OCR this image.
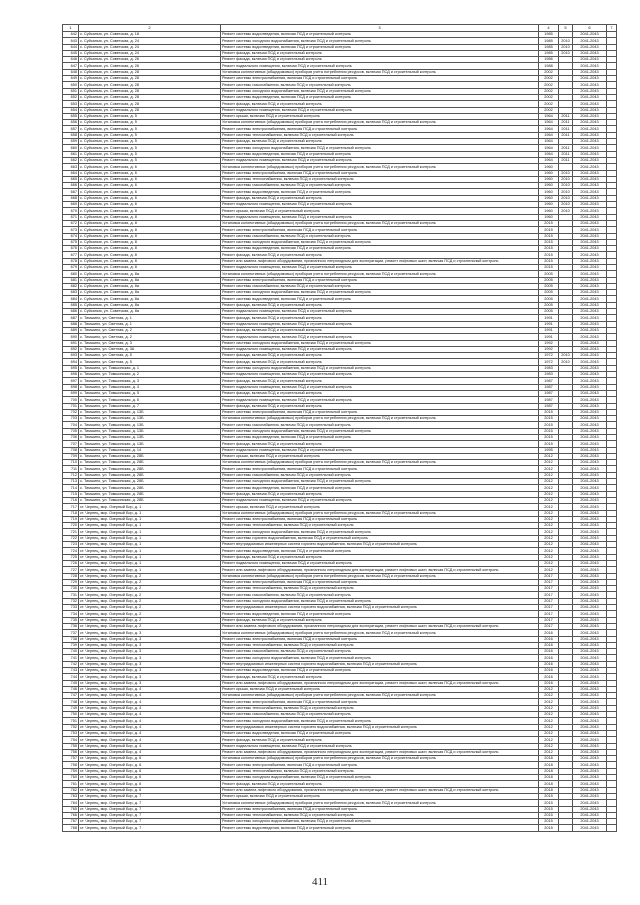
1	2	3	4	5	6	7
642	с. Суйсанью, ул. Советская, д. 18	Ремонт системы водоотведения, включая ПСД и строительный контроль	1985		2041-2043	
643	с. Суйсанью, ул. Советская, д. 24	Ремонт системы холодного водоснабжения, включая ПСД и строительный контроль	1985	2010	2041-2043	
644	с. Суйсанью, ул. Советская, д. 24	Ремонт системы водоотведения, включая ПСД и строительный контроль	1985	2010	2041-2043	
645	с. Суйсанью, ул. Советская, д. 24	Ремонт фасада, включая ПСД и строительный контроль	1985	2010	2041-2043	
646	с. Суйсанью, ул. Советская, д. 26	Ремонт фасада, включая ПСД и строительный контроль	1986		2041-2043	
647	с. Суйсанью, ул. Советская, д. 26	Ремонт подвального помещения, включая ПСД и строительный контроль	1988		2041-2043	
648	с. Суйсанью, ул. Советская, д. 28	Установка коллективных (общедомовых) приборов учета потребления ресурсов, включая ПСД и строительный контроль	2002		2041-2043	
649	с. Суйсанью, ул. Советская, д. 28	Ремонт системы электроснабжения, включая ПСД и строительный контроль	2002		2041-2043	
650	с. Суйсанью, ул. Советская, д. 28	Ремонт системы газоснабжения, включая ПСД и строительный контроль	2002		2041-2043	
651	с. Суйсанью, ул. Советская, д. 28	Ремонт системы холодного водоснабжения, включая ПСД и строительный контроль	2002		2041-2043	
652	с. Суйсанью, ул. Советская, д. 28	Ремонт системы водоотведения, включая ПСД и строительный контроль	2002		2041-2043	
653	с. Суйсанью, ул. Советская, д. 28	Ремонт фасада, включая ПСД и строительный контроль	2002		2041-2043	
654	с. Суйсанью, ул. Советская, д. 28	Ремонт подвального помещения, включая ПСД и строительный контроль	2002		2041-2043	
655	с. Суйсанью, ул. Советская, д. 5	Ремонт крыши, включая ПСД и строительный контроль	1964	2011	2041-2043	
656	с. Суйсанью, ул. Советская, д. 5	Установка коллективных (общедомовых) приборов учета потребления ресурсов, включая ПСД и строительный контроль	1964	2011	2041-2043	
657	с. Суйсанью, ул. Советская, д. 5	Ремонт системы электроснабжения, включая ПСД и строительный контроль	1964	2011	2041-2043	
658	с. Суйсанью, ул. Советская, д. 5	Ремонт системы теплоснабжения, включая ПСД и строительный контроль	1964	2011	2041-2043	
659	с. Суйсанью, ул. Советская, д. 5	Ремонт фасада, включая ПСД и строительный контроль	1964		2041-2043	
660	с. Суйсанью, ул. Советская, д. 5	Ремонт системы холодного водоснабжения, включая ПСД и строительный контроль	1964	2011	2041-2043	
661	с. Суйсанью, ул. Советская, д. 5	Ремонт системы водоотведения, включая ПСД и строительный контроль	1964	2011	2041-2043	
662	с. Суйсанью, ул. Советская, д. 5	Ремонт подвального помещения, включая ПСД и строительный контроль	1964	2011	2041-2043	
663	с. Суйсанью, ул. Советская, д. 6	Установка коллективных (общедомовых) приборов учета потребления ресурсов, включая ПСД и строительный контроль	1960		2041-2043	
664	с. Суйсанью, ул. Советская, д. 6	Ремонт системы электроснабжения, включая ПСД и строительный контроль	1960	2010	2041-2043	
665	с. Суйсанью, ул. Советская, д. 6	Ремонт системы теплоснабжения, включая ПСД и строительный контроль	1960	2010	2041-2043	
666	с. Суйсанью, ул. Советская, д. 6	Ремонт системы газоснабжения, включая ПСД и строительный контроль	1960	2010	2041-2043	
667	с. Суйсанью, ул. Советская, д. 6	Ремонт системы водоотведения, включая ПСД и строительный контроль	1960	2010	2041-2043	
668	с. Суйсанью, ул. Советская, д. 6	Ремонт фасада, включая ПСД и строительный контроль	1960	2010	2041-2043	
669	с. Суйсанью, ул. Советская, д. 6	Ремонт подвального помещения, включая ПСД и строительный контроль	1960	2010	2041-2043	
670	с. Суйсанью, ул. Советская, д. 8	Ремонт крыши, включая ПСД и строительный контроль	1960	2010	2041-2043	
671	с. Суйсанью, ул. Советская, д. 8	Ремонт подвального помещения, включая ПСД и строительный контроль	1960		2041-2043	
672	с. Суйсанью, ул. Советская, д. 8	Установка коллективных (общедомовых) приборов учета потребления ресурсов, включая ПСД и строительный контроль	2015		2041-2043	
673	с. Суйсанью, ул. Советская, д. 8	Ремонт системы электроснабжения, включая ПСД и строительный контроль	2015		2041-2043	
674	с. Суйсанью, ул. Советская, д. 8	Ремонт системы газоснабжения, включая ПСД и строительный контроль	2015		2041-2043	
675	с. Суйсанью, ул. Советская, д. 8	Ремонт системы холодного водоснабжения, включая ПСД и строительный контроль	2015		2041-2043	
676	с. Суйсанью, ул. Советская, д. 8	Ремонт системы водоотведения, включая ПСД и строительный контроль	2015		2041-2043	
677	с. Суйсанью, ул. Советская, д. 8	Ремонт фасада, включая ПСД и строительный контроль	2015		2041-2043	
678	с. Суйсанью, ул. Советская, д. 8	Ремонт или замена лифтового оборудования, признанного непригодным для эксплуатации, ремонт лифтовых шахт, включая ПСД и строительный контроль	2015		2041-2043	
679	с. Суйсанью, ул. Советская, д. 8	Ремонт подвального помещения, включая ПСД и строительный контроль	2015		2041-2043	
680	с. Суйсанью, ул. Советская, д. 8а	Установка коллективных (общедомовых) приборов учета потребления ресурсов, включая ПСД и строительный контроль	2005		2041-2043	
681	с. Суйсанью, ул. Советская, д. 8а	Ремонт системы электроснабжения, включая ПСД и строительный контроль	2005		2041-2043	
682	с. Суйсанью, ул. Советская, д. 8а	Ремонт системы газоснабжения, включая ПСД и строительный контроль	2005		2041-2043	
683	с. Суйсанью, ул. Советская, д. 8а	Ремонт системы холодного водоснабжения, включая ПСД и строительный контроль	2005		2041-2043	
684	с. Суйсанью, ул. Советская, д. 8а	Ремонт системы водоотведения, включая ПСД и строительный контроль	2005		2041-2043	
685	с. Суйсанью, ул. Советская, д. 8а	Ремонт фасада, включая ПСД и строительный контроль	2005		2041-2043	
686	с. Суйсанью, ул. Советская, д. 8а	Ремонт подвального помещения, включая ПСД и строительный контроль	2005		2041-2043	
687	с. Тимшино, ул. Светлая, д. 1	Ремонт фасада, включая ПСД и строительный контроль	1991		2041-2043	
688	с. Тимшино, ул. Светлая, д. 1	Ремонт подвального помещения, включая ПСД и строительный контроль	1991		2041-2043	
689	с. Тимшино, ул. Светлая, д. 2	Ремонт фасада, включая ПСД и строительный контроль	1991		2041-2043	
690	с. Тимшино, ул. Светлая, д. 2	Ремонт подвального помещения, включая ПСД и строительный контроль	1991		2041-2043	
691	с. Тимшино, ул. Светлая, д. 3	Ремонт системы холодного водоснабжения, включая ПСД и строительный контроль	1992		2041-2043	
692	с. Тимшино, ул. Светлая, д. 3А	Ремонт подвального помещения, включая ПСД и строительный контроль	1992		2041-2043	
693	с. Тимшино, ул. Светлая, д. 5	Ремонт фасада, включая ПСД и строительный контроль	1972	2010	2041-2043	
694	с. Тимшино, ул. Светлая, д. 5	Ремонт фасада, включая ПСД и строительный контроль	1972	2010	2041-2043	
695	с. Тимшино, ул. Тимшинская, д. 1	Ремонт системы холодного водоснабжения, включая ПСД и строительный контроль	1983		2041-2043	
696	с. Тимшино, ул. Тимшинская, д. 2	Ремонт подвального помещения, включая ПСД и строительный контроль	1983		2041-2043	
697	с. Тимшино, ул. Тимшинская, д. 3	Ремонт фасада, включая ПСД и строительный контроль	1987		2041-2043	
698	с. Тимшино, ул. Тимшинская, д. 4	Ремонт подвального помещения, включая ПСД и строительный контроль	1987		2041-2043	
699	с. Тимшино, ул. Тимшинская, д. 5	Ремонт фасада, включая ПСД и строительный контроль	1987		2041-2043	
700	с. Тимшино, ул. Тимшинская, д. 6	Ремонт подвального помещения, включая ПСД и строительный контроль	1987		2041-2043	
701	с. Тимшино, ул. Тимшинская, д. 7	Ремонт фасада, включая ПСД и строительный контроль	1987		2041-2043	
702	с. Тимшино, ул. Тимшинская, д. 13Б	Ремонт системы электроснабжения, включая ПСД и строительный контроль	2015		2041-2043	
703	с. Тимшино, ул. Тимшинская, д. 13Б	Установка коллективных (общедомовых) приборов учета потребления ресурсов, включая ПСД и строительный контроль	2015		2041-2043	
704	с. Тимшино, ул. Тимшинская, д. 13Б	Ремонт системы газоснабжения, включая ПСД и строительный контроль	2015		2041-2043	
705	с. Тимшино, ул. Тимшинская, д. 13Б	Ремонт системы холодного водоснабжения, включая ПСД и строительный контроль	2015		2041-2043	
706	с. Тимшино, ул. Тимшинская, д. 13Б	Ремонт системы водоотведения, включая ПСД и строительный контроль	2015		2041-2043	
707	с. Тимшино, ул. Тимшинская, д. 13Б	Ремонт фасада, включая ПСД и строительный контроль	2015		2041-2043	
708	с. Тимшино, ул. Тимшинская, д. 14	Ремонт подвального помещения, включая ПСД и строительный контроль	1995		2041-2043	
709	с. Тимшино, ул. Тимшинская, д. 28Б	Ремонт крыши, включая ПСД и строительный контроль	2012		2041-2043	
710	с. Тимшино, ул. Тимшинская, д. 28Б	Установка коллективных (общедомовых) приборов учета потребления ресурсов, включая ПСД и строительный контроль	2012		2041-2043	
711	с. Тимшино, ул. Тимшинская, д. 28Б	Ремонт системы электроснабжения, включая ПСД и строительный контроль	2012		2041-2043	
712	с. Тимшино, ул. Тимшинская, д. 28Б	Ремонт системы газоснабжения, включая ПСД и строительный контроль	2012		2041-2043	
713	с. Тимшино, ул. Тимшинская, д. 28Б	Ремонт системы холодного водоснабжения, включая ПСД и строительный контроль	2012		2041-2043	
714	с. Тимшино, ул. Тимшинская, д. 28Б	Ремонт системы водоотведения, включая ПСД и строительный контроль	2012		2041-2043	
715	с. Тимшино, ул. Тимшинская, д. 28Б	Ремонт фасада, включая ПСД и строительный контроль	2012		2041-2043	
716	с. Тимшино, ул. Тимшинская, д. 28Б	Ремонт подвального помещения, включая ПСД и строительный контроль	2012		2041-2043	
717	ст. Чернец, мкр. Озерный Бор, д. 1	Ремонт крыши, включая ПСД и строительный контроль	2012		2041-2043	
718	ст. Чернец, мкр. Озерный Бор, д. 1	Установка коллективных (общедомовых) приборов учета потребления ресурсов, включая ПСД и строительный контроль	2012		2041-2043	
719	ст. Чернец, мкр. Озерный Бор, д. 1	Ремонт системы электроснабжения, включая ПСД и строительный контроль	2012		2041-2043	
720	ст. Чернец, мкр. Озерный Бор, д. 1	Ремонт системы теплоснабжения, включая ПСД и строительный контроль	2012		2041-2043	
721	ст. Чернец, мкр. Озерный Бор, д. 1	Ремонт системы холодного водоснабжения, включая ПСД и строительный контроль	2012		2041-2043	
722	ст. Чернец, мкр. Озерный Бор, д. 1	Ремонт системы горячего водоснабжения, включая ПСД и строительный контроль	2012		2041-2043	
723	ст. Чернец, мкр. Озерный Бор, д. 1	Ремонт внутридомовых инженерных систем горячего водоснабжения, включая ПСД и строительный контроль	2012		2041-2043	
724	ст. Чернец, мкр. Озерный Бор, д. 1	Ремонт системы водоотведения, включая ПСД и строительный контроль	2012		2041-2043	
725	ст. Чернец, мкр. Озерный Бор, д. 1	Ремонт фасада, включая ПСД и строительный контроль	2012		2041-2043	
726	ст. Чернец, мкр. Озерный Бор, д. 1	Ремонт подвального помещения, включая ПСД и строительный контроль	2012		2041-2043	
727	ст. Чернец, мкр. Озерный Бор, д. 1	Ремонт или замена лифтового оборудования, признанного непригодным для эксплуатации, ремонт лифтовых шахт, включая ПСД и строительный контроль	2012		2041-2043	
728	ст. Чернец, мкр. Озерный Бор, д. 2	Установка коллективных (общедомовых) приборов учета потребления ресурсов, включая ПСД и строительный контроль	2017		2041-2043	
729	ст. Чернец, мкр. Озерный Бор, д. 2	Ремонт системы электроснабжения, включая ПСД и строительный контроль	2017		2041-2043	
730	ст. Чернец, мкр. Озерный Бор, д. 2	Ремонт системы теплоснабжения, включая ПСД и строительный контроль	2017		2041-2043	
731	ст. Чернец, мкр. Озерный Бор, д. 2	Ремонт системы газоснабжения, включая ПСД и строительный контроль	2017		2041-2043	
732	ст. Чернец, мкр. Озерный Бор, д. 2	Ремонт системы холодного водоснабжения, включая ПСД и строительный контроль	2017		2041-2043	
733	ст. Чернец, мкр. Озерный Бор, д. 2	Ремонт внутридомовых инженерных систем горячего водоснабжения, включая ПСД и строительный контроль	2017		2041-2043	
734	ст. Чернец, мкр. Озерный Бор, д. 2	Ремонт системы водоотведения, включая ПСД и строительный контроль	2017		2041-2043	
735	ст. Чернец, мкр. Озерный Бор, д. 2	Ремонт фасада, включая ПСД и строительный контроль	2017		2041-2043	
736	ст. Чернец, мкр. Озерный Бор, д. 2	Ремонт или замена лифтового оборудования, признанного непригодным для эксплуатации, ремонт лифтовых шахт, включая ПСД и строительный контроль	2017		2041-2043	
737	ст. Чернец, мкр. Озерный Бор, д. 3	Установка коллективных (общедомовых) приборов учета потребления ресурсов, включая ПСД и строительный контроль	2016		2041-2043	
738	ст. Чернец, мкр. Озерный Бор, д. 3	Ремонт системы электроснабжения, включая ПСД и строительный контроль	2016		2041-2043	
739	ст. Чернец, мкр. Озерный Бор, д. 3	Ремонт системы теплоснабжения, включая ПСД и строительный контроль	2016		2041-2043	
740	ст. Чернец, мкр. Озерный Бор, д. 3	Ремонт системы газоснабжения, включая ПСД и строительный контроль	2016		2041-2043	
741	ст. Чернец, мкр. Озерный Бор, д. 3	Ремонт системы холодного водоснабжения, включая ПСД и строительный контроль	2016		2041-2043	
742	ст. Чернец, мкр. Озерный Бор, д. 3	Ремонт внутридомовых инженерных систем горячего водоснабжения, включая ПСД и строительный контроль	2016		2041-2043	
743	ст. Чернец, мкр. Озерный Бор, д. 3	Ремонт системы водоотведения, включая ПСД и строительный контроль	2016		2041-2043	
744	ст. Чернец, мкр. Озерный Бор, д. 3	Ремонт фасада, включая ПСД и строительный контроль	2016		2041-2043	
745	ст. Чернец, мкр. Озерный Бор, д. 3	Ремонт или замена лифтового оборудования, признанного непригодным для эксплуатации, ремонт лифтовых шахт, включая ПСД и строительный контроль	2016		2041-2043	
746	ст. Чернец, мкр. Озерный Бор, д. 4	Ремонт крыши, включая ПСД и строительный контроль	2012		2041-2043	
747	ст. Чернец, мкр. Озерный Бор, д. 4	Установка коллективных (общедомовых) приборов учета потребления ресурсов, включая ПСД и строительный контроль	2012		2041-2043	
748	ст. Чернец, мкр. Озерный Бор, д. 4	Ремонт системы электроснабжения, включая ПСД и строительный контроль	2012		2041-2043	
749	ст. Чернец, мкр. Озерный Бор, д. 4	Ремонт системы теплоснабжения, включая ПСД и строительный контроль	2012		2041-2043	
750	ст. Чернец, мкр. Озерный Бор, д. 4	Ремонт системы газоснабжения, включая ПСД и строительный контроль	2012		2041-2043	
751	ст. Чернец, мкр. Озерный Бор, д. 4	Ремонт системы холодного водоснабжения, включая ПСД и строительный контроль	2012		2041-2043	
752	ст. Чернец, мкр. Озерный Бор, д. 4	Ремонт внутридомовых инженерных систем горячего водоснабжения, включая ПСД и строительный контроль	2012		2041-2043	
753	ст. Чернец, мкр. Озерный Бор, д. 4	Ремонт системы водоотведения, включая ПСД и строительный контроль	2012		2041-2043	
754	ст. Чернец, мкр. Озерный Бор, д. 4	Ремонт фасада, включая ПСД и строительный контроль	2012		2041-2043	
755	ст. Чернец, мкр. Озерный Бор, д. 4	Ремонт подвального помещения, включая ПСД и строительный контроль	2012		2041-2043	
756	ст. Чернец, мкр. Озерный Бор, д. 4	Ремонт или замена лифтового оборудования, признанного непригодным для эксплуатации, ремонт лифтовых шахт, включая ПСД и строительный контроль	2012		2041-2043	
757	ст. Чернец, мкр. Озерный Бор, д. 6	Установка коллективных (общедомовых) приборов учета потребления ресурсов, включая ПСД и строительный контроль	2018		2041-2043	
758	ст. Чернец, мкр. Озерный Бор, д. 6	Ремонт системы электроснабжения, включая ПСД и строительный контроль	2018		2041-2043	
759	ст. Чернец, мкр. Озерный Бор, д. 6	Ремонт системы теплоснабжения, включая ПСД и строительный контроль	2018		2041-2043	
760	ст. Чернец, мкр. Озерный Бор, д. 6	Ремонт системы холодного водоснабжения, включая ПСД и строительный контроль	2018		2041-2043	
761	ст. Чернец, мкр. Озерный Бор, д. 6	Ремонт фасада, включая ПСД и строительный контроль	2018		2041-2043	
762	ст. Чернец, мкр. Озерный Бор, д. 6	Ремонт или замена лифтового оборудования, признанного непригодным для эксплуатации, ремонт лифтовых шахт, включая ПСД и строительный контроль	2018		2041-2043	
763	ст. Чернец, мкр. Озерный Бор, д. 7	Ремонт крыши, включая ПСД и строительный контроль	2015		2041-2043	
764	ст. Чернец, мкр. Озерный Бор, д. 7	Установка коллективных (общедомовых) приборов учета потребления ресурсов, включая ПСД и строительный контроль	2015		2041-2043	
765	ст. Чернец, мкр. Озерный Бор, д. 7	Ремонт системы электроснабжения, включая ПСД и строительный контроль	2015		2041-2043	
766	ст. Чернец, мкр. Озерный Бор, д. 7	Ремонт системы теплоснабжения, включая ПСД и строительный контроль	2015		2041-2043	
767	ст. Чернец, мкр. Озерный Бор, д. 7	Ремонт системы холодного водоснабжения, включая ПСД и строительный контроль	2015		2041-2043	
768	ст. Чернец, мкр. Озерный Бор, д. 7	Ремонт системы водоотведения, включая ПСД и строительный контроль	2015		2041-2043	
411
